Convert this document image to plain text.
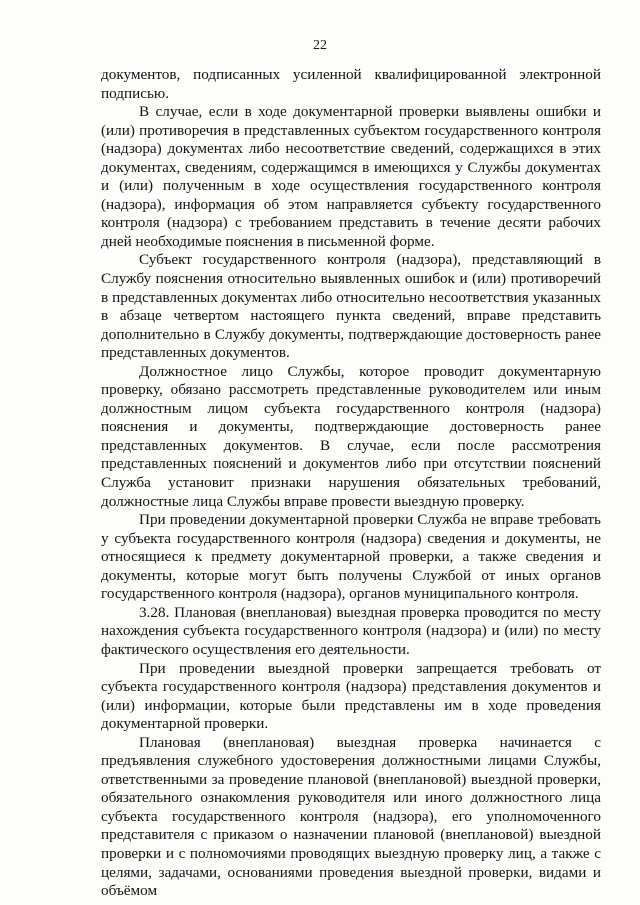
22

документов, подписанных усиленной квалифицированной электронной подписью.

В случае, если в ходе документарной проверки выявлены ошибки и (или) противоречия в представленных субъектом государственного контроля (надзора) документах либо несоответствие сведений, содержащихся в этих документах, сведениям, содержащимся в имеющихся у Службы документах и (или) полученным в ходе осуществления государственного контроля (надзора), информация об этом направляется субъекту государственного контроля (надзора) с требованием представить в течение десяти рабочих дней необходимые пояснения в письменной форме.

Субъект государственного контроля (надзора), представляющий в Службу пояснения относительно выявленных ошибок и (или) противоречий в представленных документах либо относительно несоответствия указанных в абзаце четвертом настоящего пункта сведений, вправе представить дополнительно в Службу документы, подтверждающие достоверность ранее представленных документов.

Должностное лицо Службы, которое проводит документарную проверку, обязано рассмотреть представленные руководителем или иным должностным лицом субъекта государственного контроля (надзора) пояснения и документы, подтверждающие достоверность ранее представленных документов. В случае, если после рассмотрения представленных пояснений и документов либо при отсутствии пояснений Служба установит признаки нарушения обязательных требований, должностные лица Службы вправе провести выездную проверку.

При проведении документарной проверки Служба не вправе требовать у субъекта государственного контроля (надзора) сведения и документы, не относящиеся к предмету документарной проверки, а также сведения и документы, которые могут быть получены Службой от иных органов государственного контроля (надзора), органов муниципального контроля.

3.28. Плановая (внеплановая) выездная проверка проводится по месту нахождения субъекта государственного контроля (надзора) и (или) по месту фактического осуществления его деятельности.

При проведении выездной проверки запрещается требовать от субъекта государственного контроля (надзора) представления документов и (или) информации, которые были представлены им в ходе проведения документарной проверки.

Плановая (внеплановая) выездная проверка начинается с предъявления служебного удостоверения должностными лицами Службы, ответственными за проведение плановой (внеплановой) выездной проверки, обязательного ознакомления руководителя или иного должностного лица субъекта государственного контроля (надзора), его уполномоченного представителя с приказом о назначении плановой (внеплановой) выездной проверки и с полномочиями проводящих выездную проверку лиц, а также с целями, задачами, основаниями проведения выездной проверки, видами и объёмом
